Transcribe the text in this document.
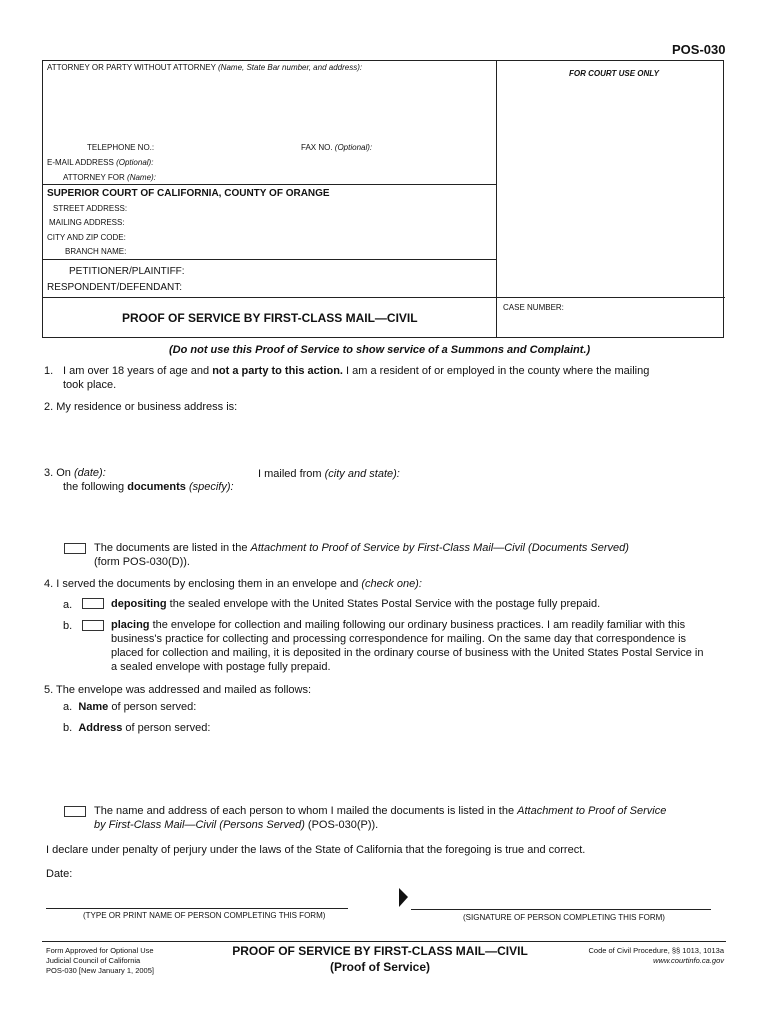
POS-030
ATTORNEY OR PARTY WITHOUT ATTORNEY (Name, State Bar number, and address):
FOR COURT USE ONLY
TELEPHONE NO.:	FAX NO. (Optional):
E-MAIL ADDRESS (Optional):
ATTORNEY FOR (Name):
SUPERIOR COURT OF CALIFORNIA, COUNTY OF ORANGE
STREET ADDRESS:
MAILING ADDRESS:
CITY AND ZIP CODE:
BRANCH NAME:
PETITIONER/PLAINTIFF:
RESPONDENT/DEFENDANT:
CASE NUMBER:
PROOF OF SERVICE BY FIRST-CLASS MAIL—CIVIL
(Do not use this Proof of Service to show service of a Summons and Complaint.)
1. I am over 18 years of age and not a party to this action. I am a resident of or employed in the county where the mailing
took place.
2. My residence or business address is:
3. On (date):	I mailed from (city and state):
the following documents (specify):
The documents are listed in the Attachment to Proof of Service by First-Class Mail—Civil (Documents Served)
(form POS-030(D)).
4. I served the documents by enclosing them in an envelope and (check one):
a.	depositing the sealed envelope with the United States Postal Service with the postage fully prepaid.
b.	placing the envelope for collection and mailing following our ordinary business practices. I am readily familiar with this
business's practice for collecting and processing correspondence for mailing. On the same day that correspondence is
placed for collection and mailing, it is deposited in the ordinary course of business with the United States Postal Service in
a sealed envelope with postage fully prepaid.
5. The envelope was addressed and mailed as follows:
a. Name of person served:
b. Address of person served:
The name and address of each person to whom I mailed the documents is listed in the Attachment to Proof of Service
by First-Class Mail—Civil (Persons Served) (POS-030(P)).
I declare under penalty of perjury under the laws of the State of California that the foregoing is true and correct.
Date:
(TYPE OR PRINT NAME OF PERSON COMPLETING THIS FORM)	(SIGNATURE OF PERSON COMPLETING THIS FORM)
Form Approved for Optional Use
Judicial Council of California
POS-030 [New January 1, 2005]
PROOF OF SERVICE BY FIRST-CLASS MAIL—CIVIL
(Proof of Service)
Code of Civil Procedure, §§ 1013, 1013a
www.courtinfo.ca.gov
